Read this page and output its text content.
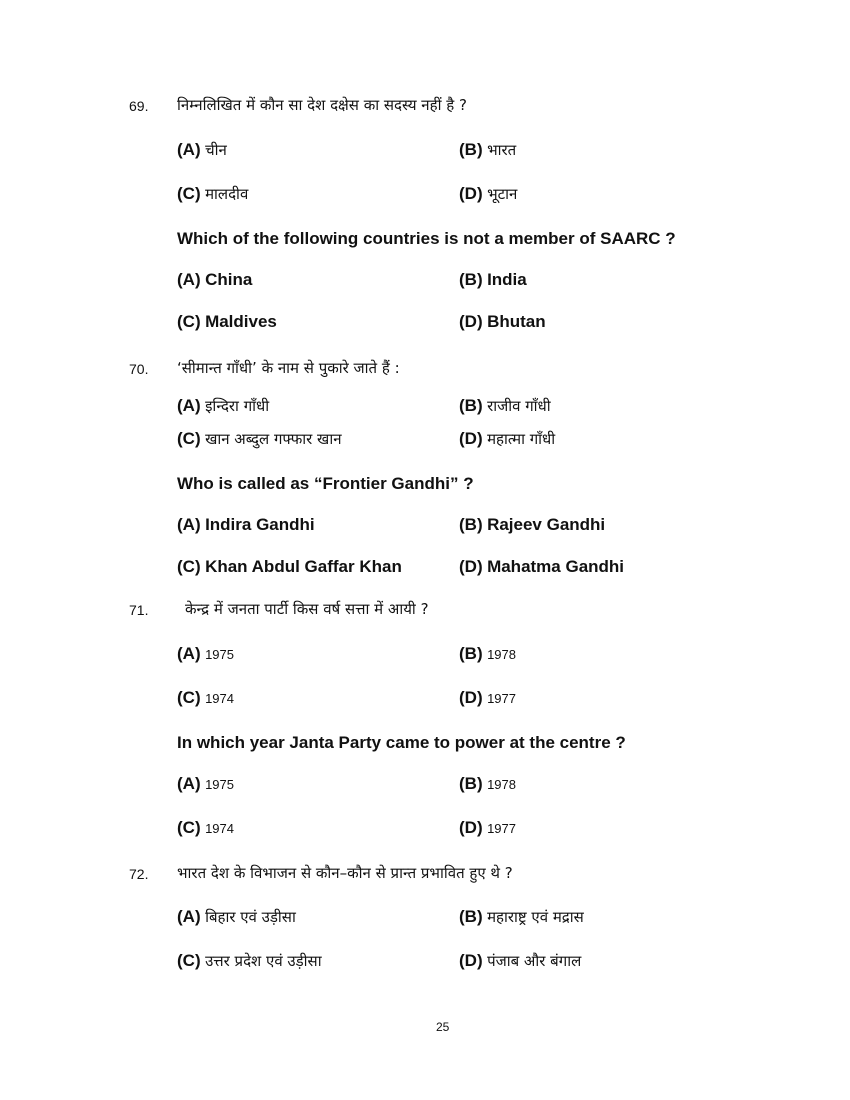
69. निम्नलिखित में कौन सा देश दक्षेस का सदस्य नहीं है ?
(A) चीन	(B) भारत
(C) मालदीव	(D) भूटान
Which of the following countries is not a member of SAARC ?
(A) China	(B) India
(C) Maldives	(D) Bhutan
70. ‘सीमान्त गाँधी’ के नाम से पुकारे जाते हैं :
(A) इन्दिरा गाँधी	(B) राजीव गाँधी
(C) खान अब्दुल गफ्फार खान	(D) महात्मा गाँधी
Who is called as “Frontier Gandhi” ?
(A) Indira Gandhi	(B) Rajeev Gandhi
(C) Khan Abdul Gaffar Khan	(D) Mahatma Gandhi
71. केन्द्र में जनता पार्टी किस वर्ष सत्ता में आयी ?
(A) 1975	(B) 1978
(C) 1974	(D) 1977
In which year Janta Party came to power at the centre ?
(A) 1975	(B) 1978
(C) 1974	(D) 1977
72. भारत देश के विभाजन से कौन–कौन से प्रान्त प्रभावित हुए थे ?
(A) बिहार एवं उड़ीसा	(B) महाराष्ट्र एवं मद्रास
(C) उत्तर प्रदेश एवं उड़ीसा	(D) पंजाब और बंगाल
25
